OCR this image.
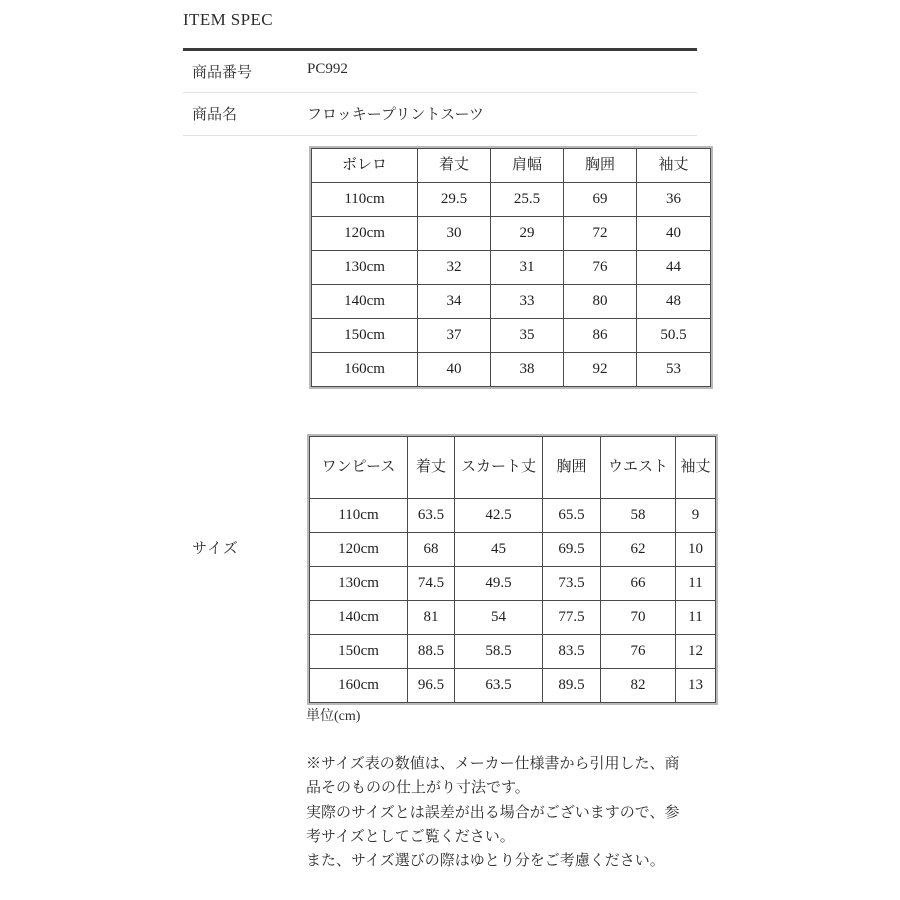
ITEM SPEC
商品番号	PC992
商品名	フロッキープリントスーツ
サイズ
ボレロ	着丈	肩幅	胸囲	袖丈
110cm	29.5	25.5	69	36
120cm	30	29	72	40
130cm	32	31	76	44
140cm	34	33	80	48
150cm	37	35	86	50.5
160cm	40	38	92	53
ワンピース	着丈	スカート丈	胸囲	ウエスト	袖丈
110cm	63.5	42.5	65.5	58	9
120cm	68	45	69.5	62	10
130cm	74.5	49.5	73.5	66	11
140cm	81	54	77.5	70	11
150cm	88.5	58.5	83.5	76	12
160cm	96.5	63.5	89.5	82	13
単位(cm)

※サイズ表の数値は、メーカー仕様書から引用した、商品そのものの仕上がり寸法です。

実際のサイズとは誤差が出る場合がございますので、参考サイズとしてご覧ください。

また、サイズ選びの際はゆとり分をご考慮ください。
